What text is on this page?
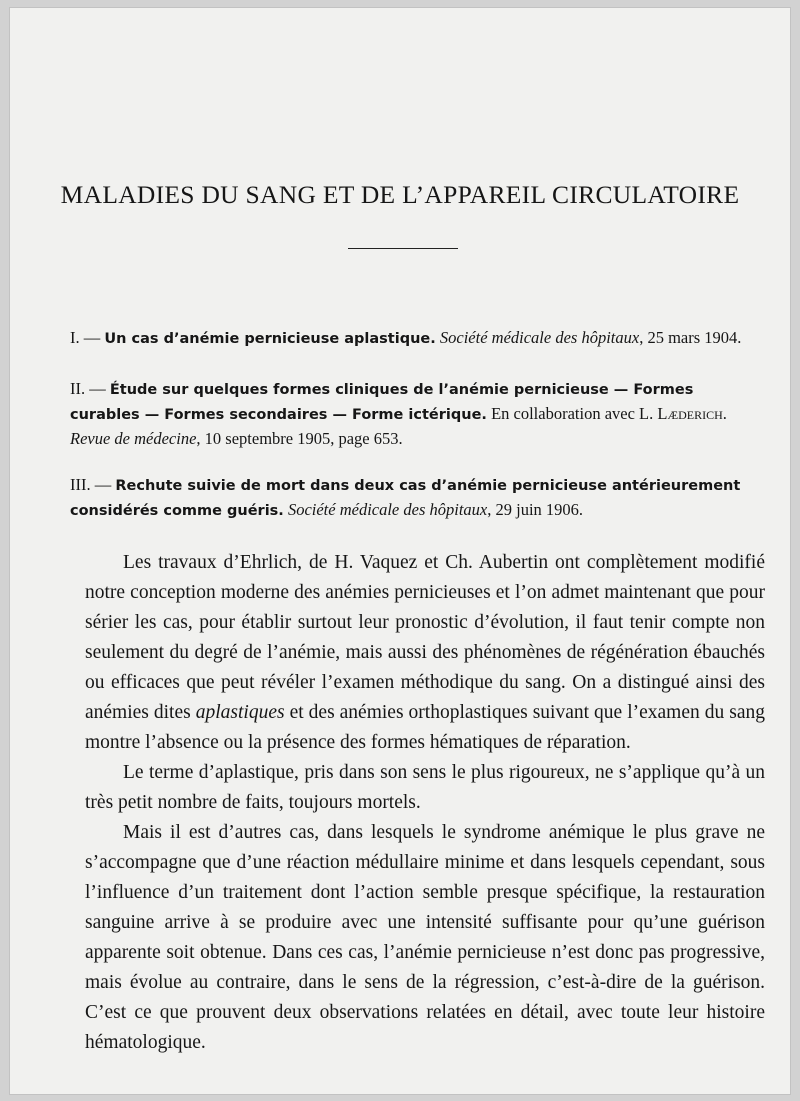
MALADIES DU SANG ET DE L’APPAREIL CIRCULATOIRE

I. — Un cas d’anémie pernicieuse aplastique. Société médicale des hôpitaux, 25 mars 1904.

II. — Étude sur quelques formes cliniques de l’anémie pernicieuse — Formes curables — Formes secondaires — Forme ictérique. En collaboration avec L. Læderich. Revue de médecine, 10 septembre 1905, page 653.

III. — Rechute suivie de mort dans deux cas d’anémie pernicieuse antérieurement considérés comme guéris. Société médicale des hôpitaux, 29 juin 1906.

Les travaux d’Ehrlich, de H. Vaquez et Ch. Aubertin ont complètement modifié notre conception moderne des anémies pernicieuses et l’on admet maintenant que pour sérier les cas, pour établir surtout leur pronostic d’évolution, il faut tenir compte non seulement du degré de l’anémie, mais aussi des phénomènes de régénération ébauchés ou efficaces que peut révéler l’examen méthodique du sang. On a distingué ainsi des anémies dites aplastiques et des anémies orthoplastiques suivant que l’examen du sang montre l’absence ou la présence des formes hématiques de réparation.

Le terme d’aplastique, pris dans son sens le plus rigoureux, ne s’applique qu’à un très petit nombre de faits, toujours mortels.

Mais il est d’autres cas, dans lesquels le syndrome anémique le plus grave ne s’accompagne que d’une réaction médullaire minime et dans lesquels cependant, sous l’influence d’un traitement dont l’action semble presque spécifique, la restauration sanguine arrive à se produire avec une intensité suffisante pour qu’une guérison apparente soit obtenue. Dans ces cas, l’anémie pernicieuse n’est donc pas progressive, mais évolue au contraire, dans le sens de la régression, c’est-à-dire de la guérison. C’est ce que prouvent deux observations relatées en détail, avec toute leur histoire hématologique.
